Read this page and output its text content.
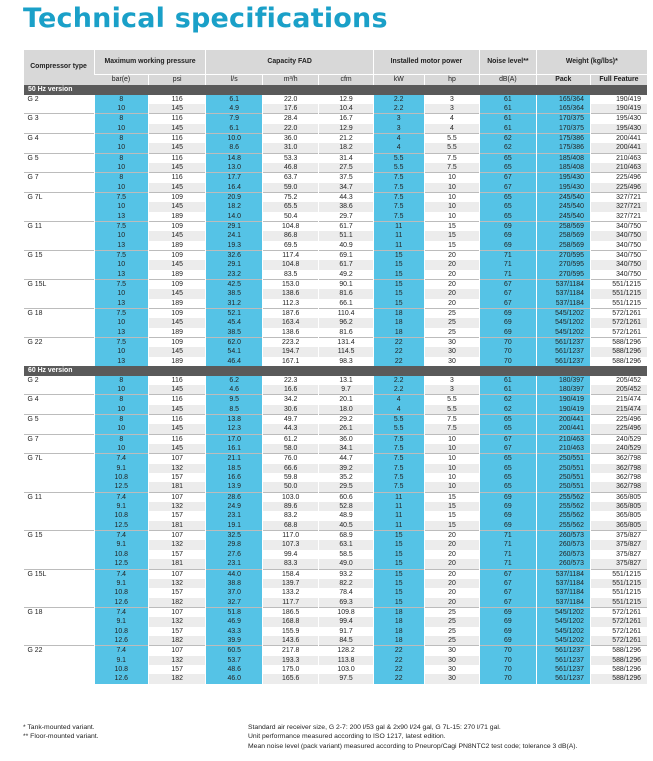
Technical specifications
Compressor type	Maximum working pressure		Capacity FAD			Installed motor power		Noise level**	Weight (kg/lbs)*	
	bar(e)	psi	l/s	m³/h	cfm	kW	hp	dB(A)	Pack	Full Feature
50 Hz version										
G 2	8	116	6.1	22.0	12.9	2.2	3	61	165/364	190/419
	10	145	4.9	17.6	10.4	2.2	3	61	165/364	190/419
G 3	8	116	7.9	28.4	16.7	3	4	61	170/375	195/430
	10	145	6.1	22.0	12.9	3	4	61	170/375	195/430
G 4	8	116	10.0	36.0	21.2	4	5.5	62	175/386	200/441
	10	145	8.6	31.0	18.2	4	5.5	62	175/386	200/441
G 5	8	116	14.8	53.3	31.4	5.5	7.5	65	185/408	210/463
	10	145	13.0	46.8	27.5	5.5	7.5	65	185/408	210/463
G 7	8	116	17.7	63.7	37.5	7.5	10	67	195/430	225/496
	10	145	16.4	59.0	34.7	7.5	10	67	195/430	225/496
G 7L	7.5	109	20.9	75.2	44.3	7.5	10	65	245/540	327/721
	10	145	18.2	65.5	38.6	7.5	10	65	245/540	327/721
	13	189	14.0	50.4	29.7	7.5	10	65	245/540	327/721
G 11	7.5	109	29.1	104.8	61.7	11	15	69	258/569	340/750
	10	145	24.1	86.8	51.1	11	15	69	258/569	340/750
	13	189	19.3	69.5	40.9	11	15	69	258/569	340/750
G 15	7.5	109	32.6	117.4	69.1	15	20	71	270/595	340/750
	10	145	29.1	104.8	61.7	15	20	71	270/595	340/750
	13	189	23.2	83.5	49.2	15	20	71	270/595	340/750
G 15L	7.5	109	42.5	153.0	90.1	15	20	67	537/1184	551/1215
	10	145	38.5	138.6	81.6	15	20	67	537/1184	551/1215
	13	189	31.2	112.3	66.1	15	20	67	537/1184	551/1215
G 18	7.5	109	52.1	187.6	110.4	18	25	69	545/1202	572/1261
	10	145	45.4	163.4	96.2	18	25	69	545/1202	572/1261
	13	189	38.5	138.6	81.6	18	25	69	545/1202	572/1261
G 22	7.5	109	62.0	223.2	131.4	22	30	70	561/1237	588/1296
	10	145	54.1	194.7	114.5	22	30	70	561/1237	588/1296
	13	189	46.4	167.1	98.3	22	30	70	561/1237	588/1296
60 Hz version										
G 2	8	116	6.2	22.3	13.1	2.2	3	61	180/397	205/452
	10	145	4.6	16.6	9.7	2.2	3	61	180/397	205/452
G 4	8	116	9.5	34.2	20.1	4	5.5	62	190/419	215/474
	10	145	8.5	30.6	18.0	4	5.5	62	190/419	215/474
G 5	8	116	13.8	49.7	29.2	5.5	7.5	65	200/441	225/496
	10	145	12.3	44.3	26.1	5.5	7.5	65	200/441	225/496
G 7	8	116	17.0	61.2	36.0	7.5	10	67	210/463	240/529
	10	145	16.1	58.0	34.1	7.5	10	67	210/463	240/529
G 7L	7.4	107	21.1	76.0	44.7	7.5	10	65	250/551	362/798
	9.1	132	18.5	66.6	39.2	7.5	10	65	250/551	362/798
	10.8	157	16.6	59.8	35.2	7.5	10	65	250/551	362/798
	12.5	181	13.9	50.0	29.5	7.5	10	65	250/551	362/798
G 11	7.4	107	28.6	103.0	60.6	11	15	69	255/562	365/805
	9.1	132	24.9	89.6	52.8	11	15	69	255/562	365/805
	10.8	157	23.1	83.2	48.9	11	15	69	255/562	365/805
	12.5	181	19.1	68.8	40.5	11	15	69	255/562	365/805
G 15	7.4	107	32.5	117.0	68.9	15	20	71	260/573	375/827
	9.1	132	29.8	107.3	63.1	15	20	71	260/573	375/827
	10.8	157	27.6	99.4	58.5	15	20	71	260/573	375/827
	12.5	181	23.1	83.3	49.0	15	20	71	260/573	375/827
G 15L	7.4	107	44.0	158.4	93.2	15	20	67	537/1184	551/1215
	9.1	132	38.8	139.7	82.2	15	20	67	537/1184	551/1215
	10.8	157	37.0	133.2	78.4	15	20	67	537/1184	551/1215
	12.6	182	32.7	117.7	69.3	15	20	67	537/1184	551/1215
G 18	7.4	107	51.8	186.5	109.8	18	25	69	545/1202	572/1261
	9.1	132	46.9	168.8	99.4	18	25	69	545/1202	572/1261
	10.8	157	43.3	155.9	91.7	18	25	69	545/1202	572/1261
	12.6	182	39.9	143.6	84.5	18	25	69	545/1202	572/1261
G 22	7.4	107	60.5	217.8	128.2	22	30	70	561/1237	588/1296
	9.1	132	53.7	193.3	113.8	22	30	70	561/1237	588/1296
	10.8	157	48.6	175.0	103.0	22	30	70	561/1237	588/1296
	12.6	182	46.0	165.6	97.5	22	30	70	561/1237	588/1296
* Tank-mounted variant.
** Floor-mounted variant.
Standard air receiver size, G 2-7: 200 l/53 gal & 2x90 l/24 gal, G 7L-15: 270 l/71 gal.
Unit performance measured according to ISO 1217, latest edition.
Mean noise level (pack variant) measured according to Pneurop/Cagi PN8NTC2 test code; tolerance 3 dB(A).
